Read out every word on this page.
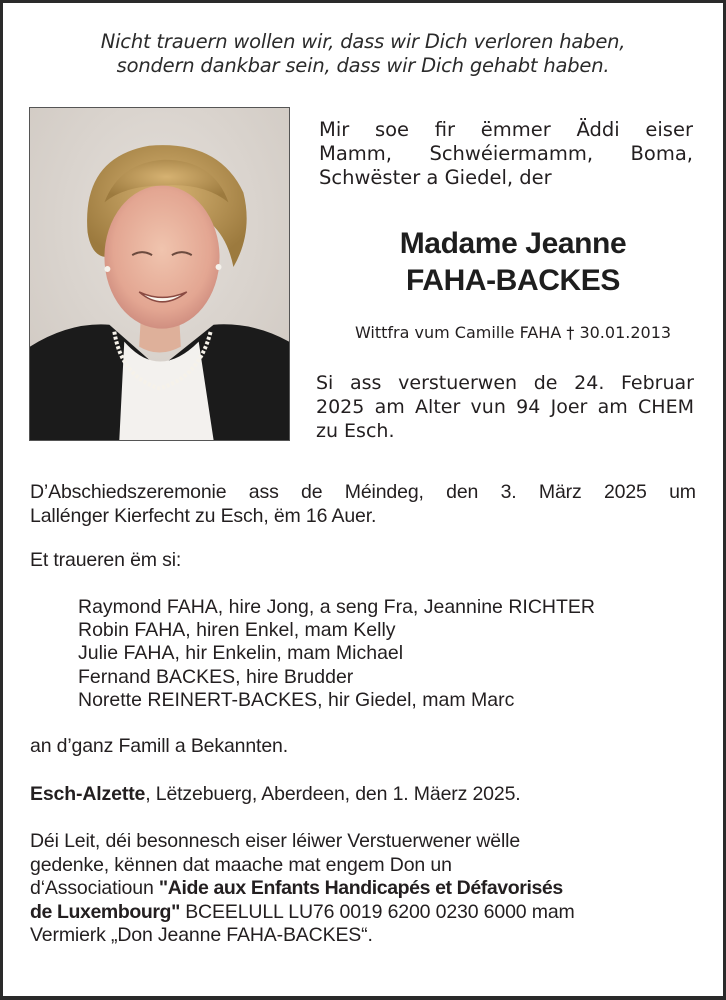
Nicht trauern wollen wir, dass wir Dich verloren haben,
sondern dankbar sein, dass wir Dich gehabt haben.
Mir soe fir ëmmer Äddi eiser
Mamm, Schwéiermamm, Boma,
Schwëster a Giedel, der
Madame Jeanne
FAHA-BACKES
Wittfra vum Camille FAHA † 30.01.2013
Si ass verstuerwen de 24. Februar
2025 am Alter vun 94 Joer am CHEM
zu Esch.
D’Abschiedszeremonie ass de Méindeg, den 3. März 2025 um
Lallénger Kierfecht zu Esch, ëm 16 Auer.
Et traueren ëm si:
Raymond FAHA, hire Jong, a seng Fra, Jeannine RICHTER
Robin FAHA, hiren Enkel, mam Kelly
Julie FAHA, hir Enkelin, mam Michael
Fernand BACKES, hire Brudder
Norette REINERT-BACKES, hir Giedel, mam Marc
an d’ganz Famill a Bekannten.
Esch-Alzette, Lëtzebuerg, Aberdeen, den 1. Mäerz 2025.
Déi Leit, déi besonnesch eiser léiwer Verstuerwener wëlle
gedenke, kënnen dat maache mat engem Don un
d‘Associatioun "Aide aux Enfants Handicapés et Défavorisés
de Luxembourg" BCEELULL LU76 0019 6200 0230 6000 mam
Vermierk „Don Jeanne FAHA-BACKES“.
